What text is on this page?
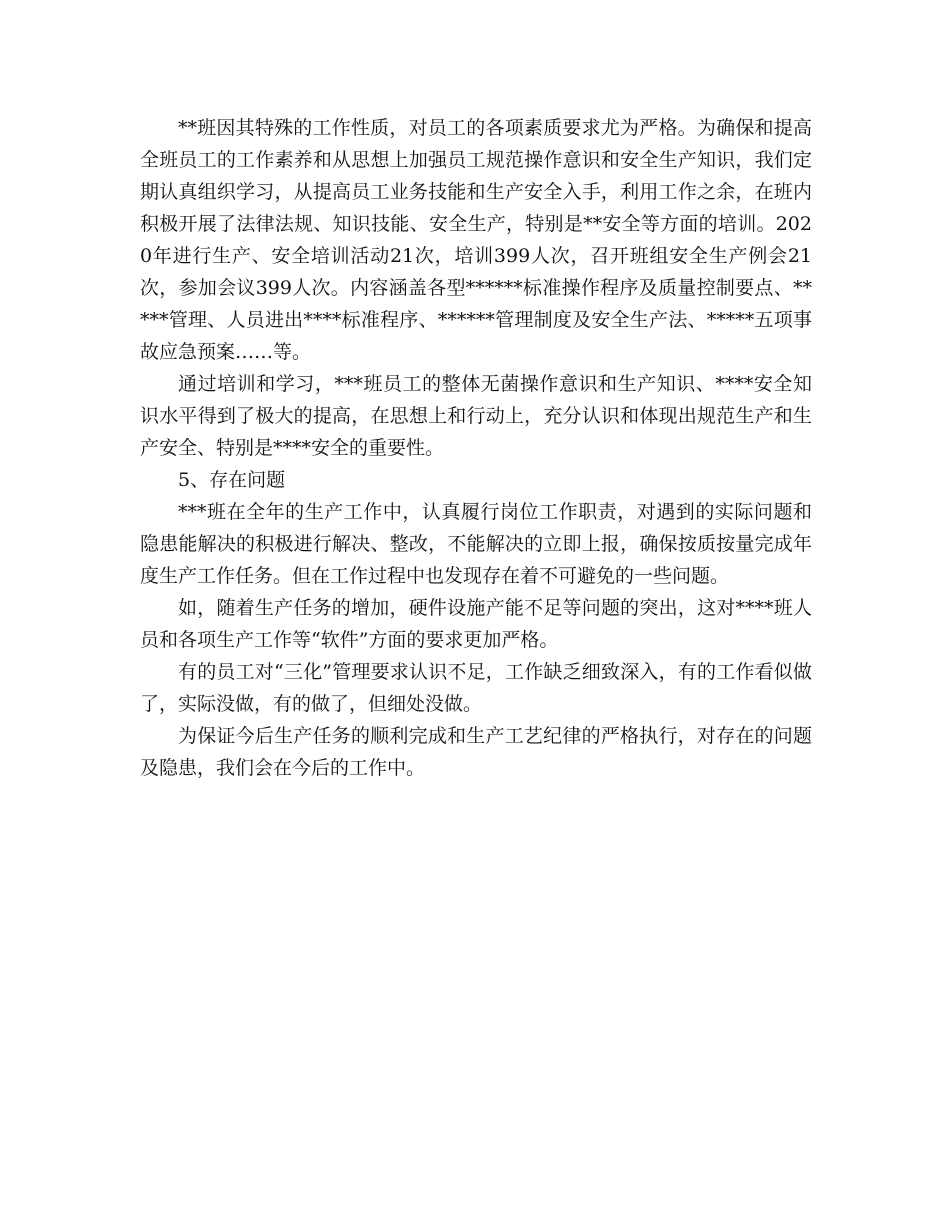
**班因其特殊的工作性质，对员工的各项素质要求尤为严格。为确保和提高全班员工的工作素养和从思想上加强员工规范操作意识和安全生产知识，我们定期认真组织学习，从提高员工业务技能和生产安全入手，利用工作之余，在班内积极开展了法律法规、知识技能、安全生产，特别是**安全等方面的培训。2020年进行生产、安全培训活动21次，培训399人次，召开班组安全生产例会21次，参加会议399人次。内容涵盖各型******标准操作程序及质量控制要点、*****管理、人员进出****标准程序、******管理制度及安全生产法、*****五项事故应急预案……等。

通过培训和学习，***班员工的整体无菌操作意识和生产知识、****安全知识水平得到了极大的提高，在思想上和行动上，充分认识和体现出规范生产和生产安全、特别是****安全的重要性。

5、存在问题

***班在全年的生产工作中，认真履行岗位工作职责，对遇到的实际问题和隐患能解决的积极进行解决、整改，不能解决的立即上报，确保按质按量完成年度生产工作任务。但在工作过程中也发现存在着不可避免的一些问题。

如，随着生产任务的增加，硬件设施产能不足等问题的突出，这对****班人员和各项生产工作等“软件”方面的要求更加严格。

有的员工对“三化”管理要求认识不足，工作缺乏细致深入，有的工作看似做了，实际没做，有的做了，但细处没做。

为保证今后生产任务的顺利完成和生产工艺纪律的严格执行，对存在的问题及隐患，我们会在今后的工作中。
